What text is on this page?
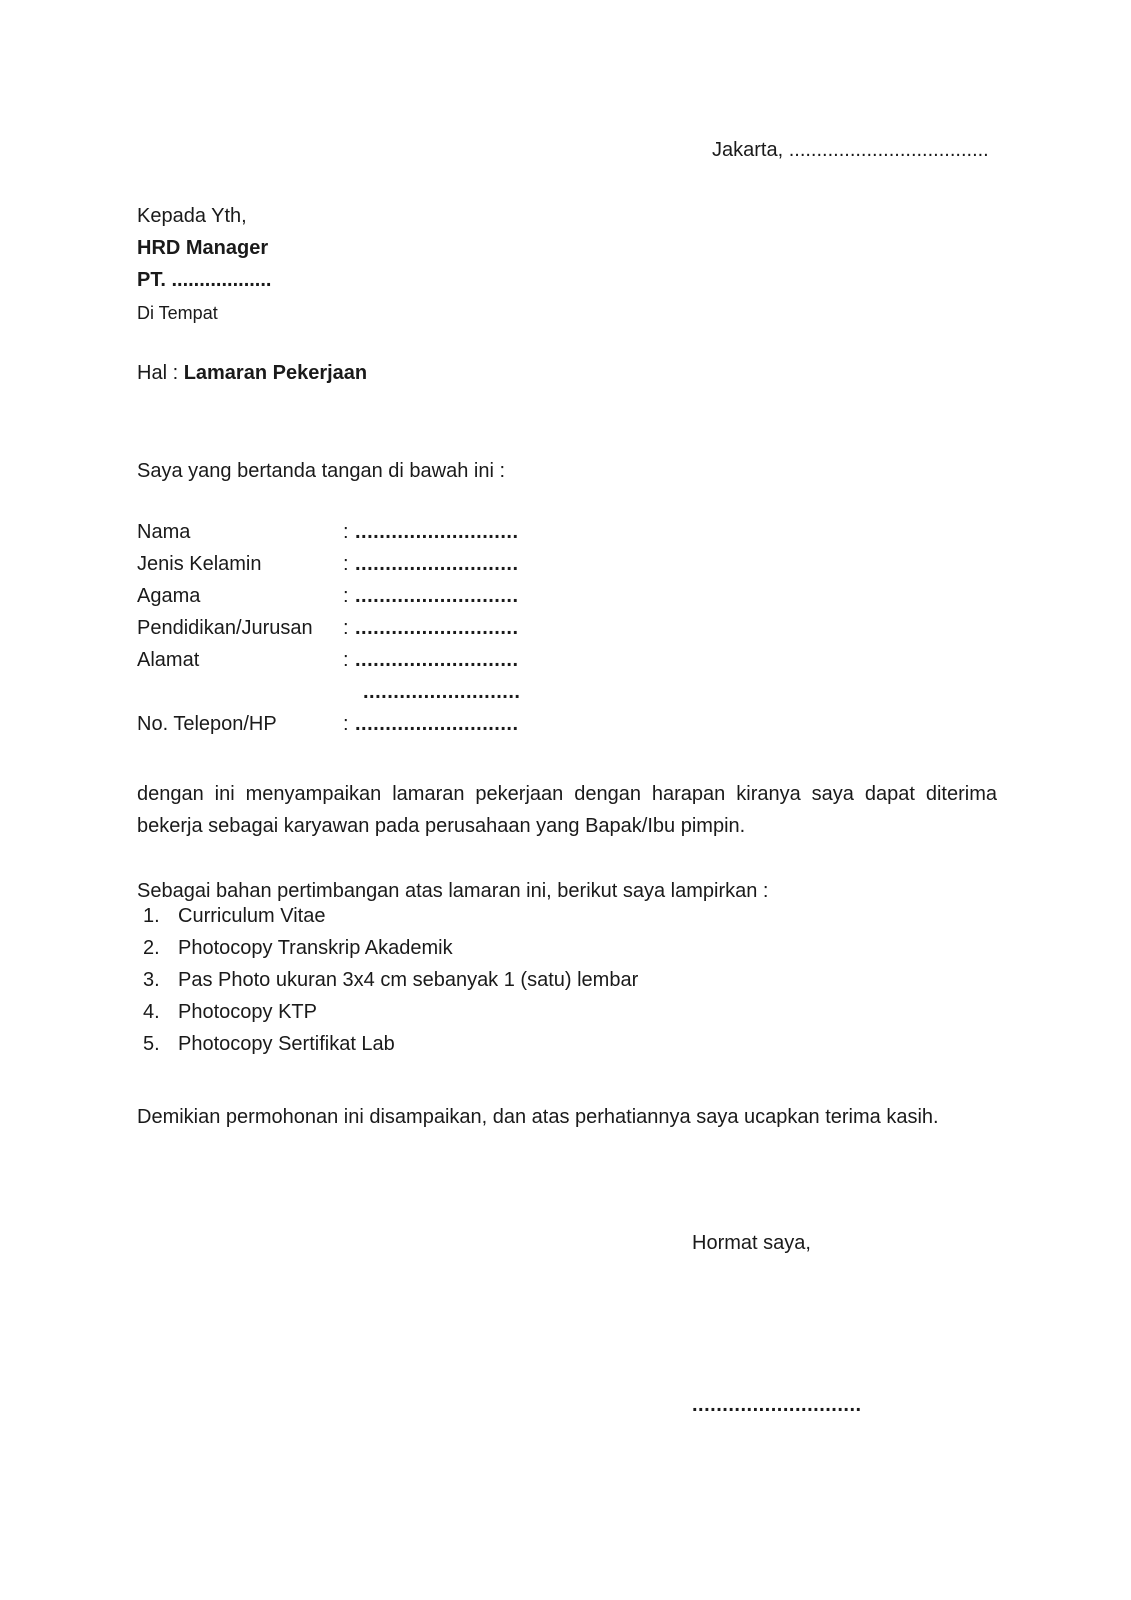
Jakarta, ....................................
Kepada Yth,
HRD Manager
PT. ..................
Di Tempat
Hal : Lamaran Pekerjaan
Saya yang bertanda tangan di bawah ini :
Nama	: ...........................
Jenis Kelamin	: ...........................
Agama	: ...........................
Pendidikan/Jurusan : ...........................
Alamat	: ...........................
..........................
No. Telepon/HP	: ...........................
dengan ini menyampaikan lamaran pekerjaan dengan harapan kiranya saya dapat diterima bekerja sebagai karyawan pada perusahaan yang Bapak/Ibu pimpin.
Sebagai bahan pertimbangan atas lamaran ini, berikut saya lampirkan :
1. Curriculum Vitae
2. Photocopy Transkrip Akademik
3. Pas Photo ukuran 3x4 cm sebanyak 1 (satu) lembar
4. Photocopy KTP
5. Photocopy Sertifikat Lab
Demikian permohonan ini disampaikan, dan atas perhatiannya saya ucapkan terima kasih.
Hormat saya,
............................
